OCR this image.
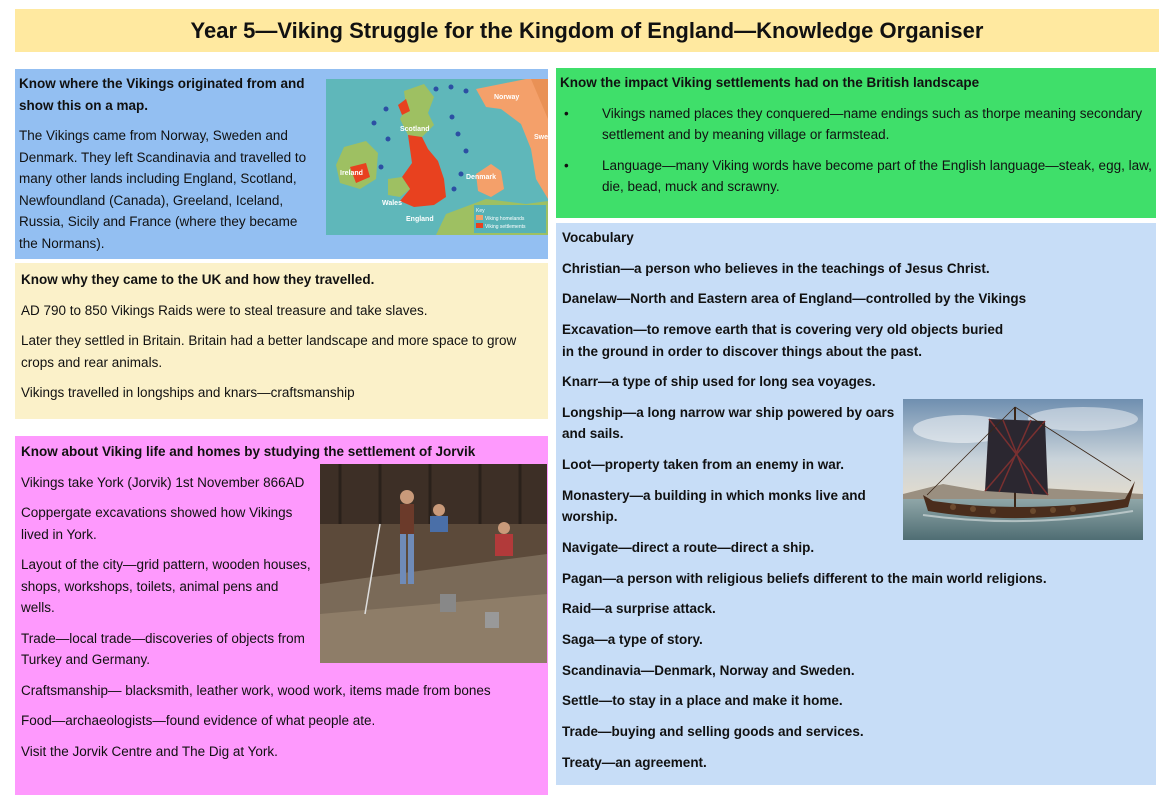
Year 5—Viking Struggle for the Kingdom of England—Knowledge Organiser

Know where the Vikings originated from and show this on a map.

The Vikings came from Norway, Sweden and Denmark. They left Scandinavia and travelled to many other lands including England, Scotland, Newfoundland (Canada), Greeland, Iceland, Russia, Sicily and France (where they became the Normans).

Norway
Scotland
Ireland
Wales
England
Denmark
Swe
Key
Viking homelands
Viking settlements

Know why they came to the UK and how they travelled.

AD 790 to 850 Vikings Raids were to steal treasure and take slaves.

Later they settled in Britain. Britain had a better landscape and more space to grow crops and rear animals.

Vikings travelled in longships and knars—craftsmanship

Know about Viking life and homes by studying the settlement of Jorvik

Vikings take York (Jorvik) 1st November 866AD

Coppergate excavations showed how Vikings lived in York.

Layout of the city—grid pattern, wooden houses, shops, workshops, toilets, animal pens and wells.

Trade—local trade—discoveries of objects from Turkey and Germany.

Craftsmanship— blacksmith, leather work, wood work, items made from bones

Food—archaeologists—found evidence of what people ate.

Visit the Jorvik Centre and The Dig at York.

Know the impact Viking settlements had on the British landscape

• Vikings named places they conquered—name endings such as thorpe meaning secondary settlement and by meaning village or farmstead.
• Language—many Viking words have become part of the English language—steak, egg, law, die, bead, muck and scrawny.

Vocabulary

Christian—a person who believes in the teachings of Jesus Christ.

Danelaw—North and Eastern area of England—controlled by the Vikings

Excavation—to remove earth that is covering very old objects buried in the ground in order to discover things about the past.

Knarr—a type of ship used for long sea voyages.

Longship—a long narrow war ship powered by oars and sails.

Loot—property taken from an enemy in war.

Monastery—a building in which monks live and worship.

Navigate—direct a route—direct a ship.

Pagan—a person with religious beliefs different to the main world religions.

Raid—a surprise attack.

Saga—a type of story.

Scandinavia—Denmark, Norway and Sweden.

Settle—to stay in a place and make it home.

Trade—buying and selling goods and services.

Treaty—an agreement.
